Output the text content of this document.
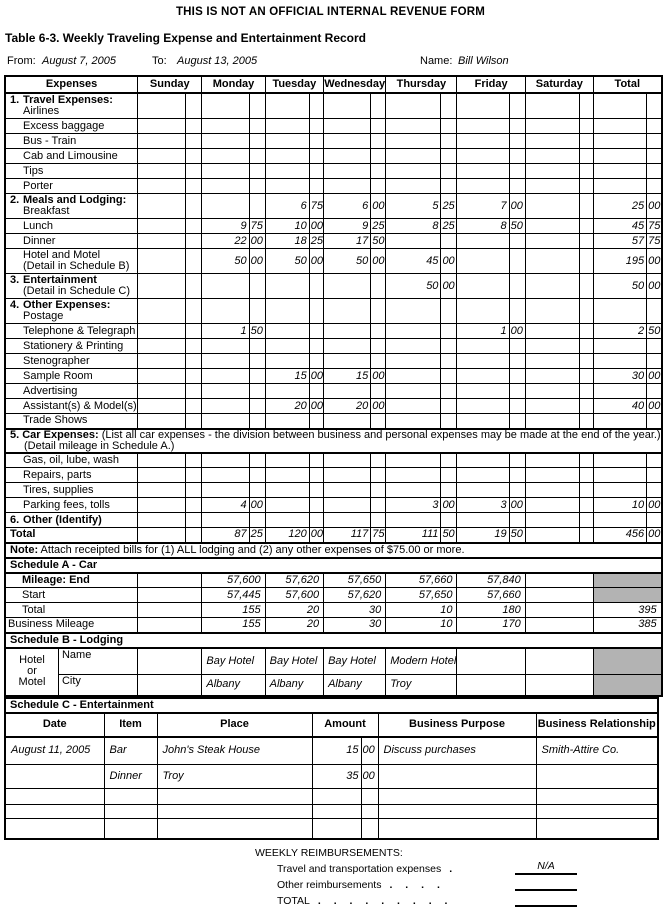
THIS IS NOT AN OFFICIAL INTERNAL REVENUE FORM
Table 6-3. Weekly Traveling Expense and Entertainment Record
From: August 7, 2005	To: August 13, 2005	Name: Bill Wilson
Expenses		Sunday		Monday		Tuesday		Wednesday		Thursday		Friday		Saturday		Total	
1. Travel Expenses:
Airlines																	
Excess baggage																	
Bus - Train																	
Cab and Limousine																	
Tips																	
Porter																	
2. Meals and Lodging:
Breakfast						6	75	6	00	5	25	7	00			25	00
Lunch				9	75	10	00	9	25	8	25	8	50			45	75
Dinner				22	00	18	25	17	50							57	75
Hotel and Motel
(Detail in Schedule B)				50	00	50	00	50	00	45	00					195	00
3. Entertainment
(Detail in Schedule C)										50	00					50	00
4. Other Expenses:
Postage																	
Telephone & Telegraph				1	50							1	00			2	50
Stationery & Printing																	
Stenographer																	
Sample Room						15	00	15	00							30	00
Advertising																	
Assistant(s) & Model(s)						20	00	20	00							40	00
Trade Shows																	
5. Car Expenses: (List all car expenses - the division between business and personal expenses may be made at the end of the year.)
(Detail mileage in Schedule A.)																	
Gas, oil, lube, wash																	
Repairs, parts																	
Tires, supplies																	
Parking fees, tolls				4	00					3	00	3	00			10	00
6. Other (Identify)																	
Total				87	25	120	00	117	75	111	50	19	50			456	00
Note: Attach receipted bills for (1) ALL lodging and (2) any other expenses of $75.00 or more.																	
Schedule A - Car																	
Mileage: End				57,600		57,620		57,650		57,660		57,840					
Start				57,445		57,600		57,620		57,650		57,660					
Total				155		20		30		10		180				395	
Business Mileage				155		20		30		10		170				385	
Schedule B - Lodging																	
Hotel
or
Motel	Name			Bay Hotel		Bay Hotel		Bay Hotel		Modern Hotel							
	City			Albany		Albany		Albany		Troy							
Schedule C - Entertainment						
Date	Item	Place	Amount		Business Purpose	Business Relationship
August 11, 2005	Bar	John's Steak House	15	00	Discuss purchases	Smith-Attire Co.
	Dinner	Troy	35	00		

WEEKLY REIMBURSEMENTS:
Travel and transportation expenses .	N/A
Other reimbursements . . . .
TOTAL . . . . . . . . .
